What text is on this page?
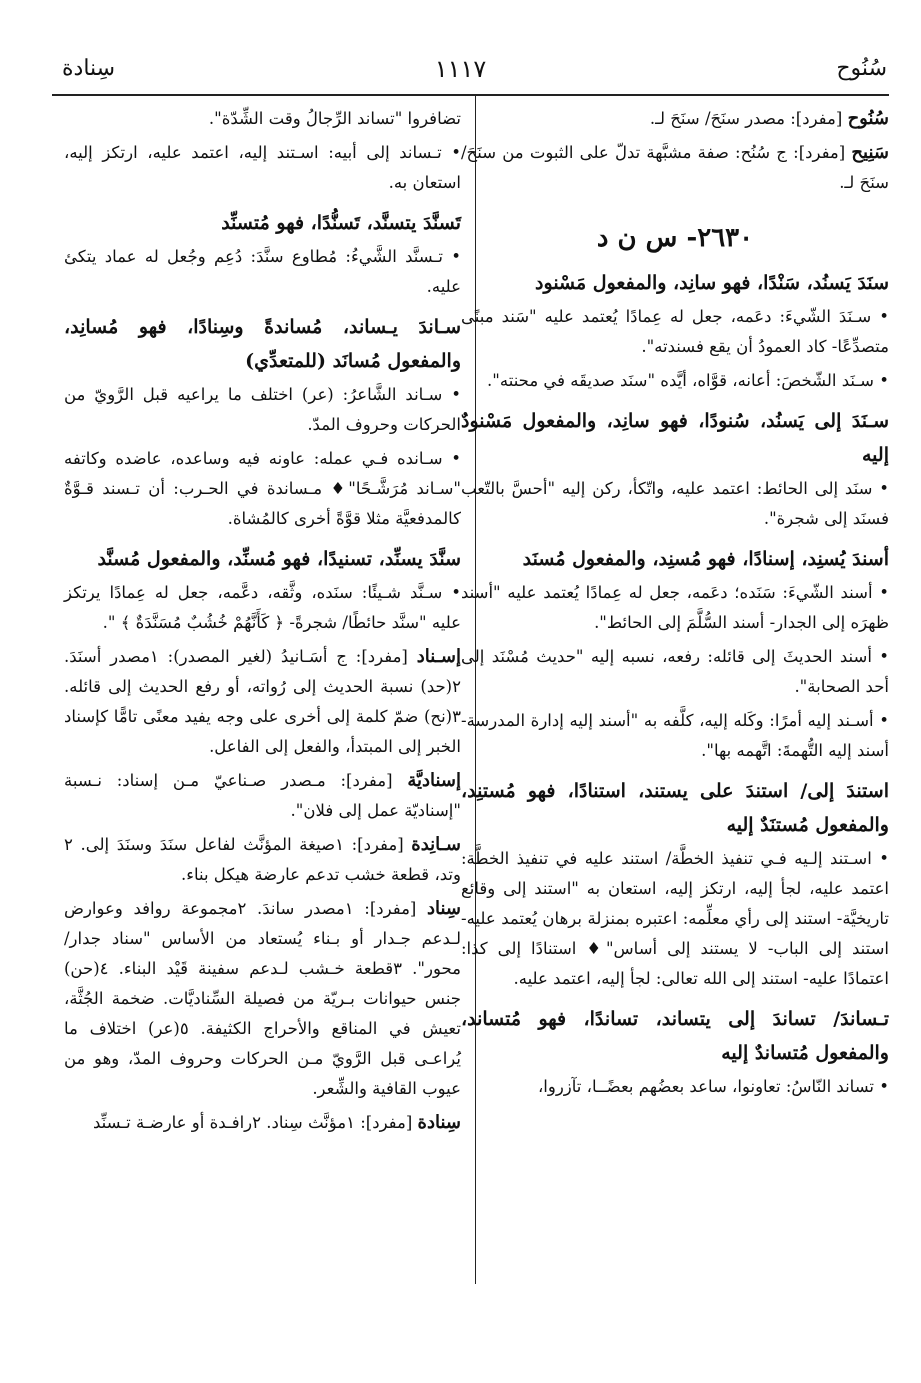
سُنُوح
١١١٧
سِنادة

سُنُوح [مفرد]: مصدر سنَحَ/ سنَحَ لـ.

سَنِيح [مفرد]: ج سُنُح: صفة مشبَّهة تدلّ على الثبوت من سنَحَ/ سنَحَ لـ.

٢٦٣٠- س ن د
سنَدَ يَسنُد، سَنْدًا، فهو سانِد، والمفعول مَسْنود

• سـنَدَ الشّيءَ: دعَمه، جعل له عِمادًا يُعتمد عليه "سَند مبنًى متصدِّعًا- كاد العمودُ أن يقع فسندته".

• سـنَد الشّخصَ: أعانه، قوَّاه، أيَّده "سنَد صديقَه في محنته".

سـنَدَ إلى يَسنُد، سُنودًا، فهو سانِد، والمفعول مَسْنودٌ إليه

• سنَد إلى الحائط: اعتمد عليه، واتّكأ، ركن إليه "أحسَّ بالتّعب فسنَد إلى شجرة".

أسندَ يُسنِد، إسنادًا، فهو مُسنِد، والمفعول مُسنَد

• أسند الشّيءَ: سَنَده؛ دعَمه، جعل له عِمادًا يُعتمد عليه "أسند ظهرَه إلى الجدار- أسند السُّلَّمَ إلى الحائط".

• أسند الحديثَ إلى قائله: رفعه، نسبه إليه "حديث مُسْنَد إلى أحد الصحابة".

• أسـند إليه أمرًا: وكَله إليه، كلَّفه به "أسند إليه إدارة المدرسة- أسند إليه التُّهمةَ: اتَّهمه بها".

استندَ إلى/ استندَ على يستند، استنادًا، فهو مُستنِد، والمفعول مُستنَدٌ إليه

• اسـتند إلـيه فـي تنفيذ الخطَّة/ استند عليه في تنفيذ الخطَّة: اعتمد عليه، لجأ إليه، ارتكز إليه، استعان به "استند إلى وقائع تاريخيَّة- استند إلى رأي معلِّمه: اعتبره بمنزلة برهان يُعتمد عليه- استند إلى الباب- لا يستند إلى أساس"♦ استنادًا إلى كذا: اعتمادًا عليه- استند إلى الله تعالى: لجأ إليه، اعتمد عليه.

تـساندَ/ تساندَ إلى يتساند، تساندًا، فهو مُتساند، والمفعول مُتساندٌ إليه

• تساند النّاسُ: تعاونوا، ساعد بعضُهم بعضًــا، تآزروا،

تضافروا "تساند الرِّجالُ وقت الشِّدّة".

• تـساند إلى أبيه: اسـتند إليه، اعتمد عليه، ارتكز إليه، استعان به.

تَسنَّدَ يتسنَّد، تَسنُّدًا، فهو مُتسنِّد

• تـسنَّد الشَّيءُ: مُطاوع سنَّدَ: دُعِم وجُعل له عماد يتكئ عليه.

سـاندَ يـساند، مُساندةً وسِنادًا، فهو مُسانِد، والمفعول مُسانَد (للمتعدِّي)

• سـاند الشَّاعرُ: (عر) اختلف ما يراعيه قبل الرَّويّ من الحركات وحروف المدّ.

• سـانده فـي عمله: عاونه فيه وساعده، عاضده وكاتفه "سـاند مُرَشَّـحًا"♦ مـساندة في الحـرب: أن تـسند قـوَّةٌ كالمدفعيَّة مثلا قوَّةً أخرى كالمُشاة.

سنَّدَ يسنِّد، تسنيدًا، فهو مُسنِّد، والمفعول مُسنَّد

• سـنَّد شـيئًا: سنَده، وثَّقه، دعَّمه، جعل له عِمادًا يرتكز عليه "سنَّد حائطًا/ شجرةً- ﴿ كَأَنَّهُمْ خُشُبٌ مُسَنَّدَةٌ ﴾ ".

إسـناد [مفرد]: ج أسَـانيدُ (لغير المصدر): ١مصدر أسنَدَ. ٢(حد) نسبة الحديث إلى رُواته، أو رفع الحديث إلى قائله. ٣(نح) ضمّ كلمة إلى أخرى على وجه يفيد معنًى تامًّا كإسناد الخبر إلى المبتدأ، والفعل إلى الفاعل.

إسناديَّة [مفرد]: مـصدر صـناعيّ مـن إسناد: نـسبة "إسناديّة عمل إلى فلان".

سـانِدة [مفرد]: ١صيغة المؤنَّث لفاعل سنَدَ وسنَدَ إلى. ٢ وتد، قطعة خشب تدعم عارضة هيكل بناء.

سِناد [مفرد]: ١مصدر ساندَ. ٢مجموعة روافد وعوارض لـدعم جـدار أو بـناء يُستعاد من الأساس "سناد جدار/ محور". ٣قطعة خـشب لـدعم سفينة قَيْد البناء. ٤(حن) جنس حيوانات بـريّة من فصيلة السِّناديَّات. ضخمة الجُثَّة، تعيش في المناقع والأحراج الكثيفة. ٥(عر) اختلاف ما يُراعـى قبل الرَّويّ مـن الحركات وحروف المدّ، وهو من عيوب القافية والشِّعر.

سِنادة [مفرد]: ١مؤنَّث سِناد. ٢رافـدة أو عارضـة تـسنِّد
